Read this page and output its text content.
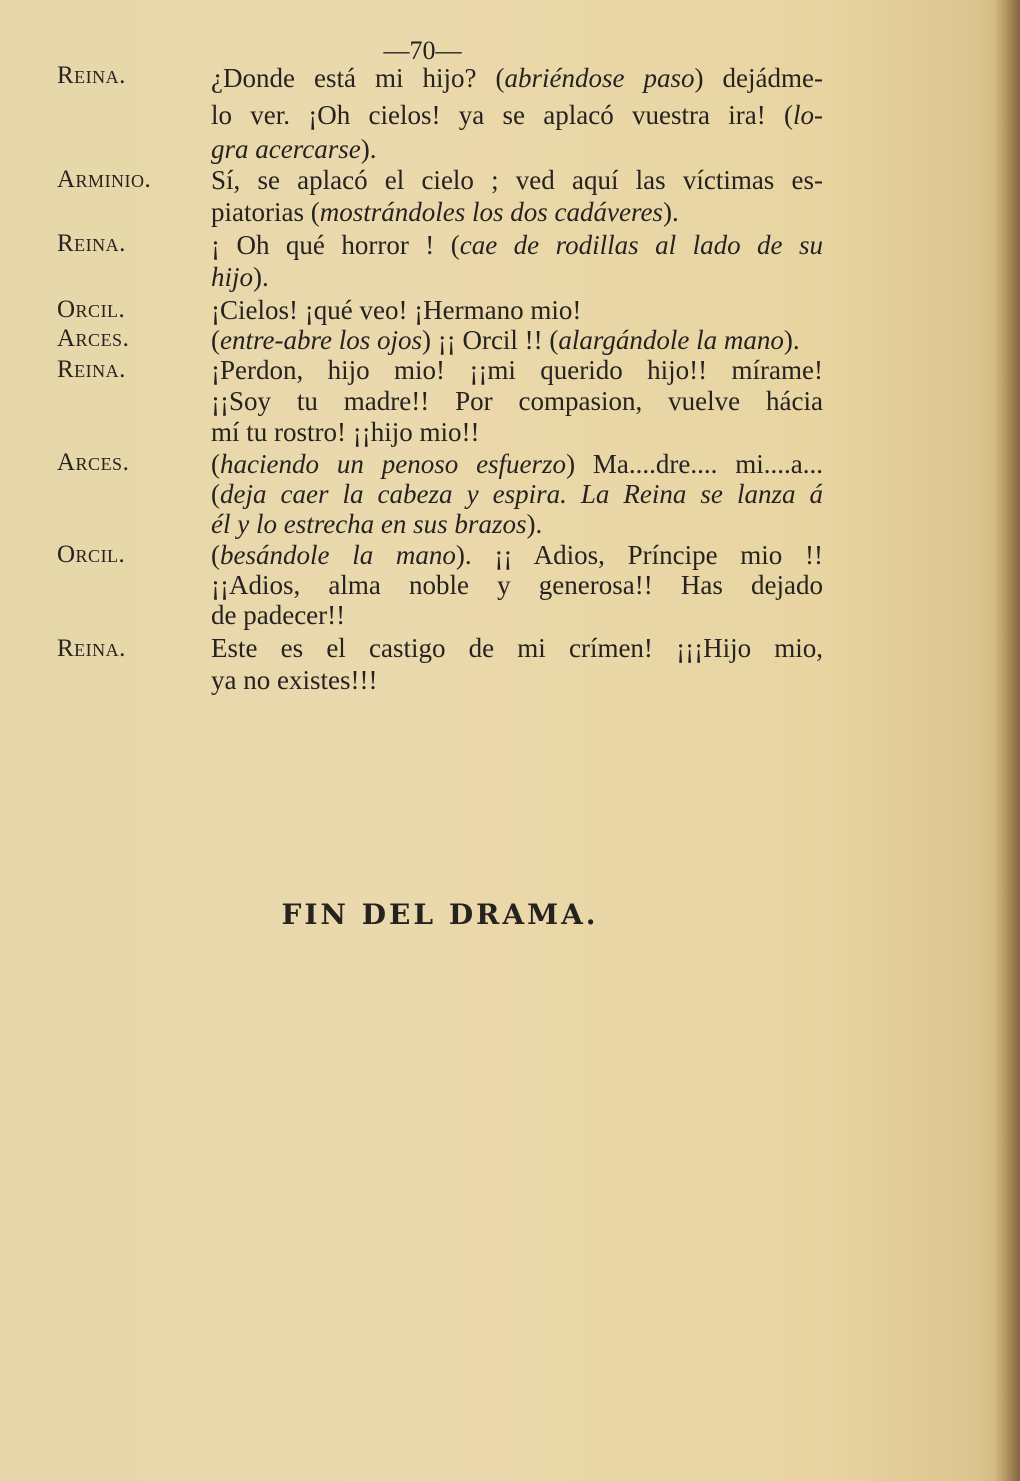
—70—
Reina.	¿Donde está mi hijo? (abriéndose paso) dejádme-
lo ver. ¡Oh cielos! ya se aplacó vuestra ira! (lo-
gra acercarse).
Arminio. Sí, se aplacó el cielo ; ved aquí las víctimas es-
piatorias (mostrándoles los dos cadáveres).
Reina.	¡ Oh qué horror ! (cae de rodillas al lado de su
hijo).
Orcil.	¡Cielos! ¡qué veo! ¡Hermano mio!
Arces.	(entre-abre los ojos) ¡¡ Orcil !! (alargándole la mano).
Reina.	¡Perdon, hijo mio! ¡¡mi querido hijo!! mírame!
¡¡Soy tu madre!! Por compasion, vuelve hácia
mí tu rostro! ¡¡hijo mio!!
Arces.	(haciendo un penoso esfuerzo) Ma....dre.... mi....a...
(deja caer la cabeza y espira. La Reina se lanza á
él y lo estrecha en sus brazos).
Orcil.	(besándole la mano). ¡¡ Adios, Príncipe mio !!
¡¡Adios, alma noble y generosa!! Has dejado
de padecer!!
Reina.	Este es el castigo de mi crímen! ¡¡¡Hijo mio,
ya no existes!!!
FIN DEL DRAMA.
